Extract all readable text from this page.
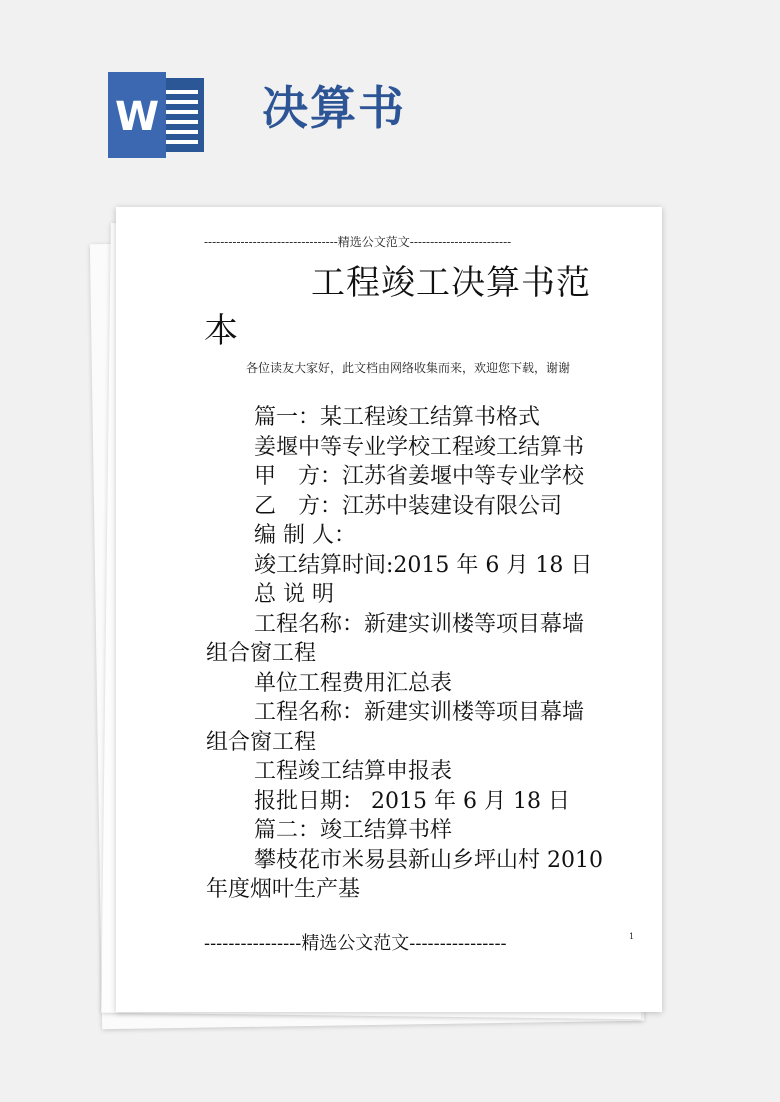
W 决算书
---------------------------------精选公文范文-------------------------
工程竣工决算书范
本
各位读友大家好，此文档由网络收集而来，欢迎您下载，谢谢
篇一：某工程竣工结算书格式
姜堰中等专业学校工程竣工结算书
甲　方：江苏省姜堰中等专业学校
乙　方：江苏中装建设有限公司
编 制 人：
竣工结算时间:2015 年 6 月 18 日
总 说 明
工程名称：新建实训楼等项目幕墙
组合窗工程
单位工程费用汇总表
工程名称：新建实训楼等项目幕墙
组合窗工程
工程竣工结算申报表
报批日期： 2015 年 6 月 18 日
篇二：竣工结算书样
攀枝花市米易县新山乡坪山村 2010
年度烟叶生产基
----------------精选公文范文----------------	1
